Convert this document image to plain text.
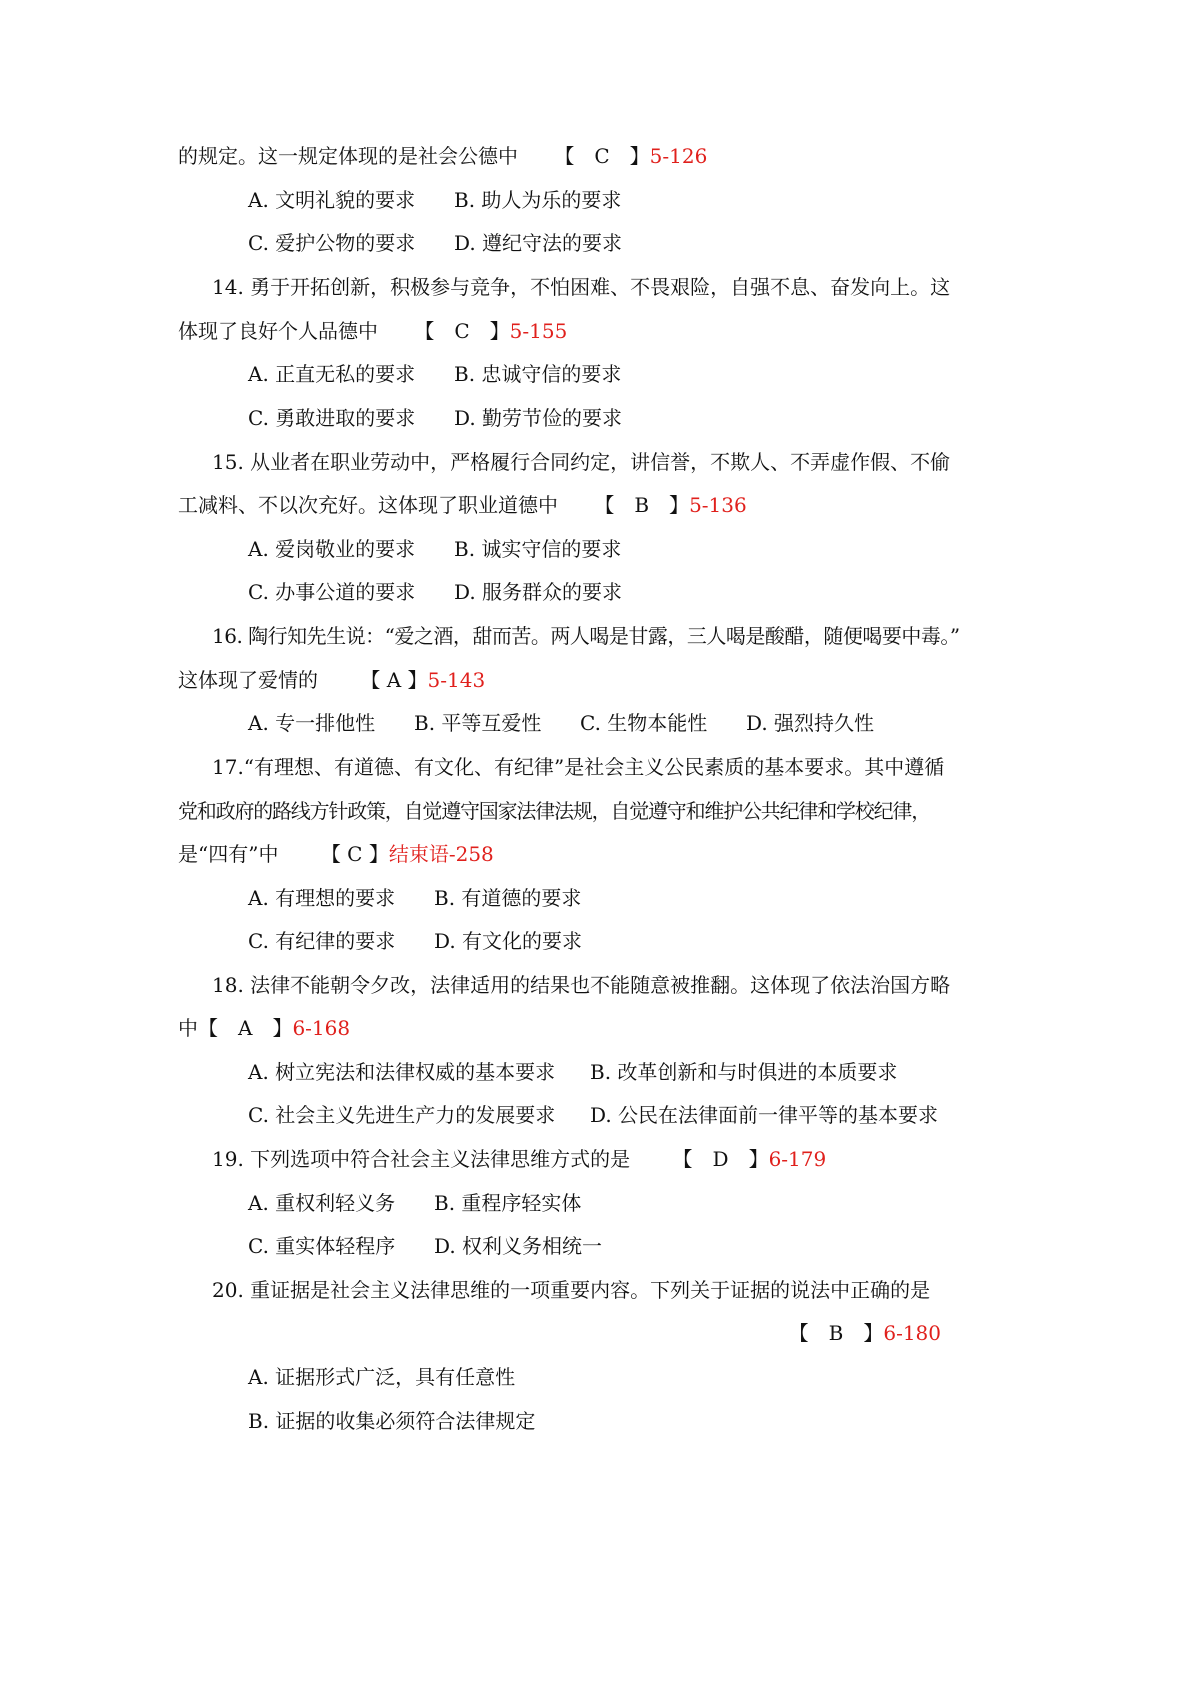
的规定。这一规定体现的是社会公德中 【　C　】5-126
A. 文明礼貌的要求 B. 助人为乐的要求
C. 爱护公物的要求 D. 遵纪守法的要求
14. 勇于开拓创新，积极参与竞争，不怕困难、不畏艰险，自强不息、奋发向上。这
体现了良好个人品德中 【　C　】5-155
A. 正直无私的要求 B. 忠诚守信的要求
C. 勇敢进取的要求 D. 勤劳节俭的要求
15. 从业者在职业劳动中，严格履行合同约定，讲信誉，不欺人、不弄虚作假、不偷
工减料、不以次充好。这体现了职业道德中 【　B　】5-136
A. 爱岗敬业的要求 B. 诚实守信的要求
C. 办事公道的要求 D. 服务群众的要求
16. 陶行知先生说：“爱之酒，甜而苦。两人喝是甘露，三人喝是酸醋，随便喝要中毒。”
这体现了爱情的 【 A 】5-143
A. 专一排他性 B. 平等互爱性 C. 生物本能性 D. 强烈持久性
17.“有理想、有道德、有文化、有纪律”是社会主义公民素质的基本要求。其中遵循
党和政府的路线方针政策，自觉遵守国家法律法规，自觉遵守和维护公共纪律和学校纪律，
是“四有”中 【 C 】结束语-258
A. 有理想的要求 B. 有道德的要求
C. 有纪律的要求 D. 有文化的要求
18. 法律不能朝令夕改，法律适用的结果也不能随意被推翻。这体现了依法治国方略
中【　A　】6-168
A. 树立宪法和法律权威的基本要求 B. 改革创新和与时俱进的本质要求
C. 社会主义先进生产力的发展要求 D. 公民在法律面前一律平等的基本要求
19. 下列选项中符合社会主义法律思维方式的是 【　D　】6-179
A. 重权利轻义务 B. 重程序轻实体
C. 重实体轻程序 D. 权利义务相统一
20. 重证据是社会主义法律思维的一项重要内容。下列关于证据的说法中正确的是
【　B　】6-180
A. 证据形式广泛，具有任意性
B. 证据的收集必须符合法律规定
